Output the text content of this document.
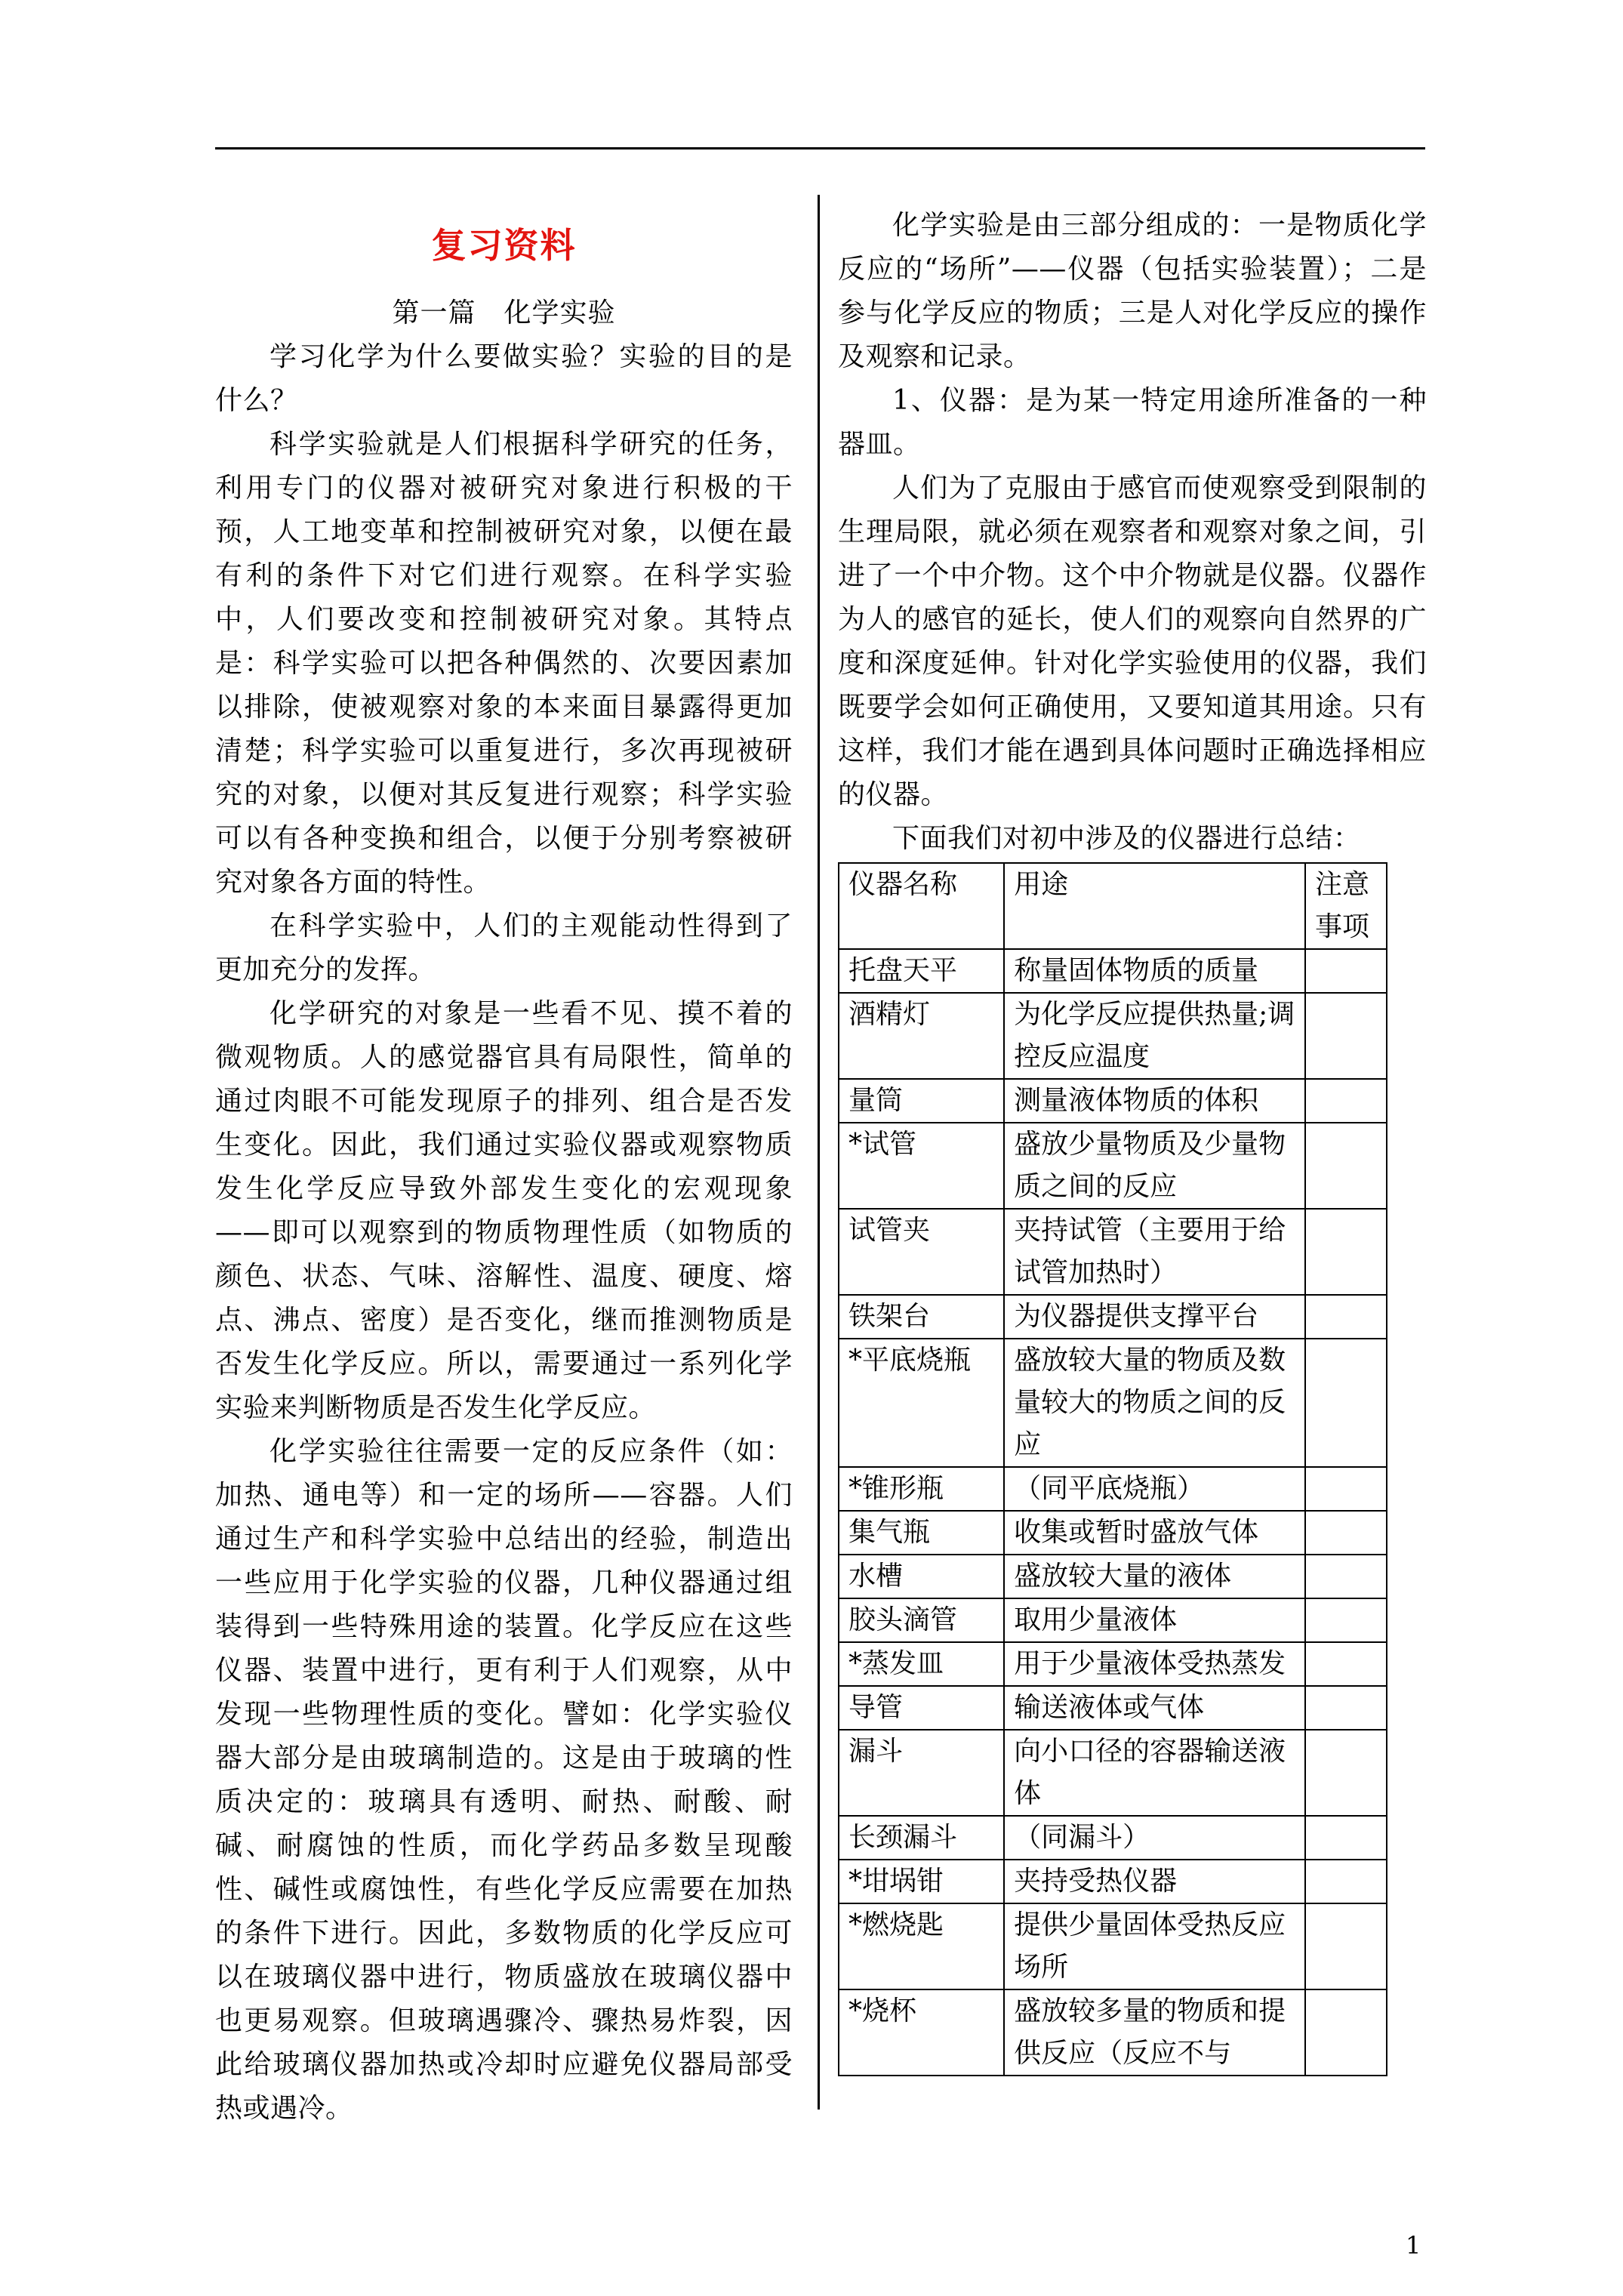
复习资料
第一篇　化学实验

学习化学为什么要做实验？实验的目的是什么？

科学实验就是人们根据科学研究的任务，利用专门的仪器对被研究对象进行积极的干预，人工地变革和控制被研究对象，以便在最有利的条件下对它们进行观察。在科学实验中，人们要改变和控制被研究对象。其特点是：科学实验可以把各种偶然的、次要因素加以排除，使被观察对象的本来面目暴露得更加清楚；科学实验可以重复进行，多次再现被研究的对象，以便对其反复进行观察；科学实验可以有各种变换和组合，以便于分别考察被研究对象各方面的特性。

在科学实验中，人们的主观能动性得到了更加充分的发挥。

化学研究的对象是一些看不见、摸不着的微观物质。人的感觉器官具有局限性，简单的通过肉眼不可能发现原子的排列、组合是否发生变化。因此，我们通过实验仪器或观察物质发生化学反应导致外部发生变化的宏观现象——即可以观察到的物质物理性质（如物质的颜色、状态、气味、溶解性、温度、硬度、熔点、沸点、密度）是否变化，继而推测物质是否发生化学反应。所以，需要通过一系列化学实验来判断物质是否发生化学反应。

化学实验往往需要一定的反应条件（如：加热、通电等）和一定的场所——容器。人们通过生产和科学实验中总结出的经验，制造出一些应用于化学实验的仪器，几种仪器通过组装得到一些特殊用途的装置。化学反应在这些仪器、装置中进行，更有利于人们观察，从中发现一些物理性质的变化。譬如：化学实验仪器大部分是由玻璃制造的。这是由于玻璃的性质决定的：玻璃具有透明、耐热、耐酸、耐碱、耐腐蚀的性质，而化学药品多数呈现酸性、碱性或腐蚀性，有些化学反应需要在加热的条件下进行。因此，多数物质的化学反应可以在玻璃仪器中进行，物质盛放在玻璃仪器中也更易观察。但玻璃遇骤冷、骤热易炸裂，因此给玻璃仪器加热或冷却时应避免仪器局部受热或遇冷。

化学实验是由三部分组成的：一是物质化学反应的“场所”——仪器（包括实验装置）；二是参与化学反应的物质；三是人对化学反应的操作及观察和记录。

1、仪器：是为某一特定用途所准备的一种器皿。

人们为了克服由于感官而使观察受到限制的生理局限，就必须在观察者和观察对象之间，引进了一个中介物。这个中介物就是仪器。仪器作为人的感官的延长，使人们的观察向自然界的广度和深度延伸。针对化学实验使用的仪器，我们既要学会如何正确使用，又要知道其用途。只有这样，我们才能在遇到具体问题时正确选择相应的仪器。

下面我们对初中涉及的仪器进行总结：

仪器名称	用途	注意事项
托盘天平	称量固体物质的质量	
酒精灯	为化学反应提供热量;调控反应温度	
量筒	测量液体物质的体积	
*试管	盛放少量物质及少量物质之间的反应	
试管夹	夹持试管（主要用于给试管加热时）	
铁架台	为仪器提供支撑平台	
*平底烧瓶	盛放较大量的物质及数量较大的物质之间的反应	
*锥形瓶	（同平底烧瓶）	
集气瓶	收集或暂时盛放气体	
水槽	盛放较大量的液体	
胶头滴管	取用少量液体	
*蒸发皿	用于少量液体受热蒸发	
导管	输送液体或气体	
漏斗	向小口径的容器输送液体	
长颈漏斗	（同漏斗）	
*坩埚钳	夹持受热仪器	
*燃烧匙	提供少量固体受热反应场所	
*烧杯	盛放较多量的物质和提供反应（反应不与	
1
